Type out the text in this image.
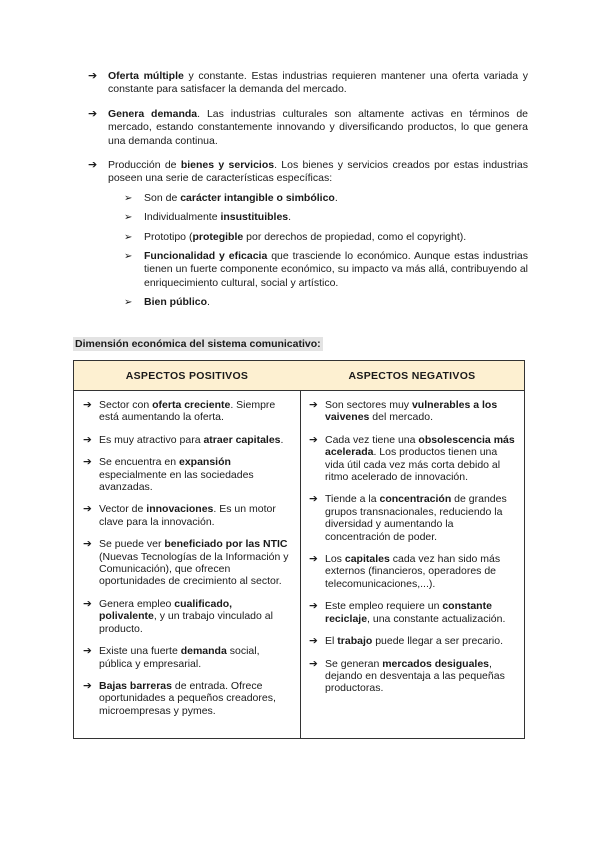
➔ Oferta múltiple y constante. Estas industrias requieren mantener una oferta variada y constante para satisfacer la demanda del mercado.
➔ Genera demanda. Las industrias culturales son altamente activas en términos de mercado, estando constantemente innovando y diversificando productos, lo que genera una demanda continua.
➔ Producción de bienes y servicios. Los bienes y servicios creados por estas industrias poseen una serie de características específicas:
➢ Son de carácter intangible o simbólico.
➢ Individualmente insustituibles.
➢ Prototipo (protegible por derechos de propiedad, como el copyright).
➢ Funcionalidad y eficacia que trasciende lo económico. Aunque estas industrias tienen un fuerte componente económico, su impacto va más allá, contribuyendo al enriquecimiento cultural, social y artístico.
➢ Bien público.
Dimensión económica del sistema comunicativo:
ASPECTOS POSITIVOS
➔ Sector con oferta creciente. Siempre está aumentando la oferta.
➔ Es muy atractivo para atraer capitales.
➔ Se encuentra en expansión especialmente en las sociedades avanzadas.
➔ Vector de innovaciones. Es un motor clave para la innovación.
➔ Se puede ver beneficiado por las NTIC (Nuevas Tecnologías de la Información y Comunicación), que ofrecen oportunidades de crecimiento al sector.
➔ Genera empleo cualificado, polivalente, y un trabajo vinculado al producto.
➔ Existe una fuerte demanda social, pública y empresarial.
➔ Bajas barreras de entrada. Ofrece oportunidades a pequeños creadores, microempresas y pymes.
ASPECTOS NEGATIVOS
➔ Son sectores muy vulnerables a los vaivenes del mercado.
➔ Cada vez tiene una obsolescencia más acelerada. Los productos tienen una vida útil cada vez más corta debido al ritmo acelerado de innovación.
➔ Tiende a la concentración de grandes grupos transnacionales, reduciendo la diversidad y aumentando la concentración de poder.
➔ Los capitales cada vez han sido más externos (financieros, operadores de telecomunicaciones,...).
➔ Este empleo requiere un constante reciclaje, una constante actualización.
➔ El trabajo puede llegar a ser precario.
➔ Se generan mercados desiguales, dejando en desventaja a las pequeñas productoras.
